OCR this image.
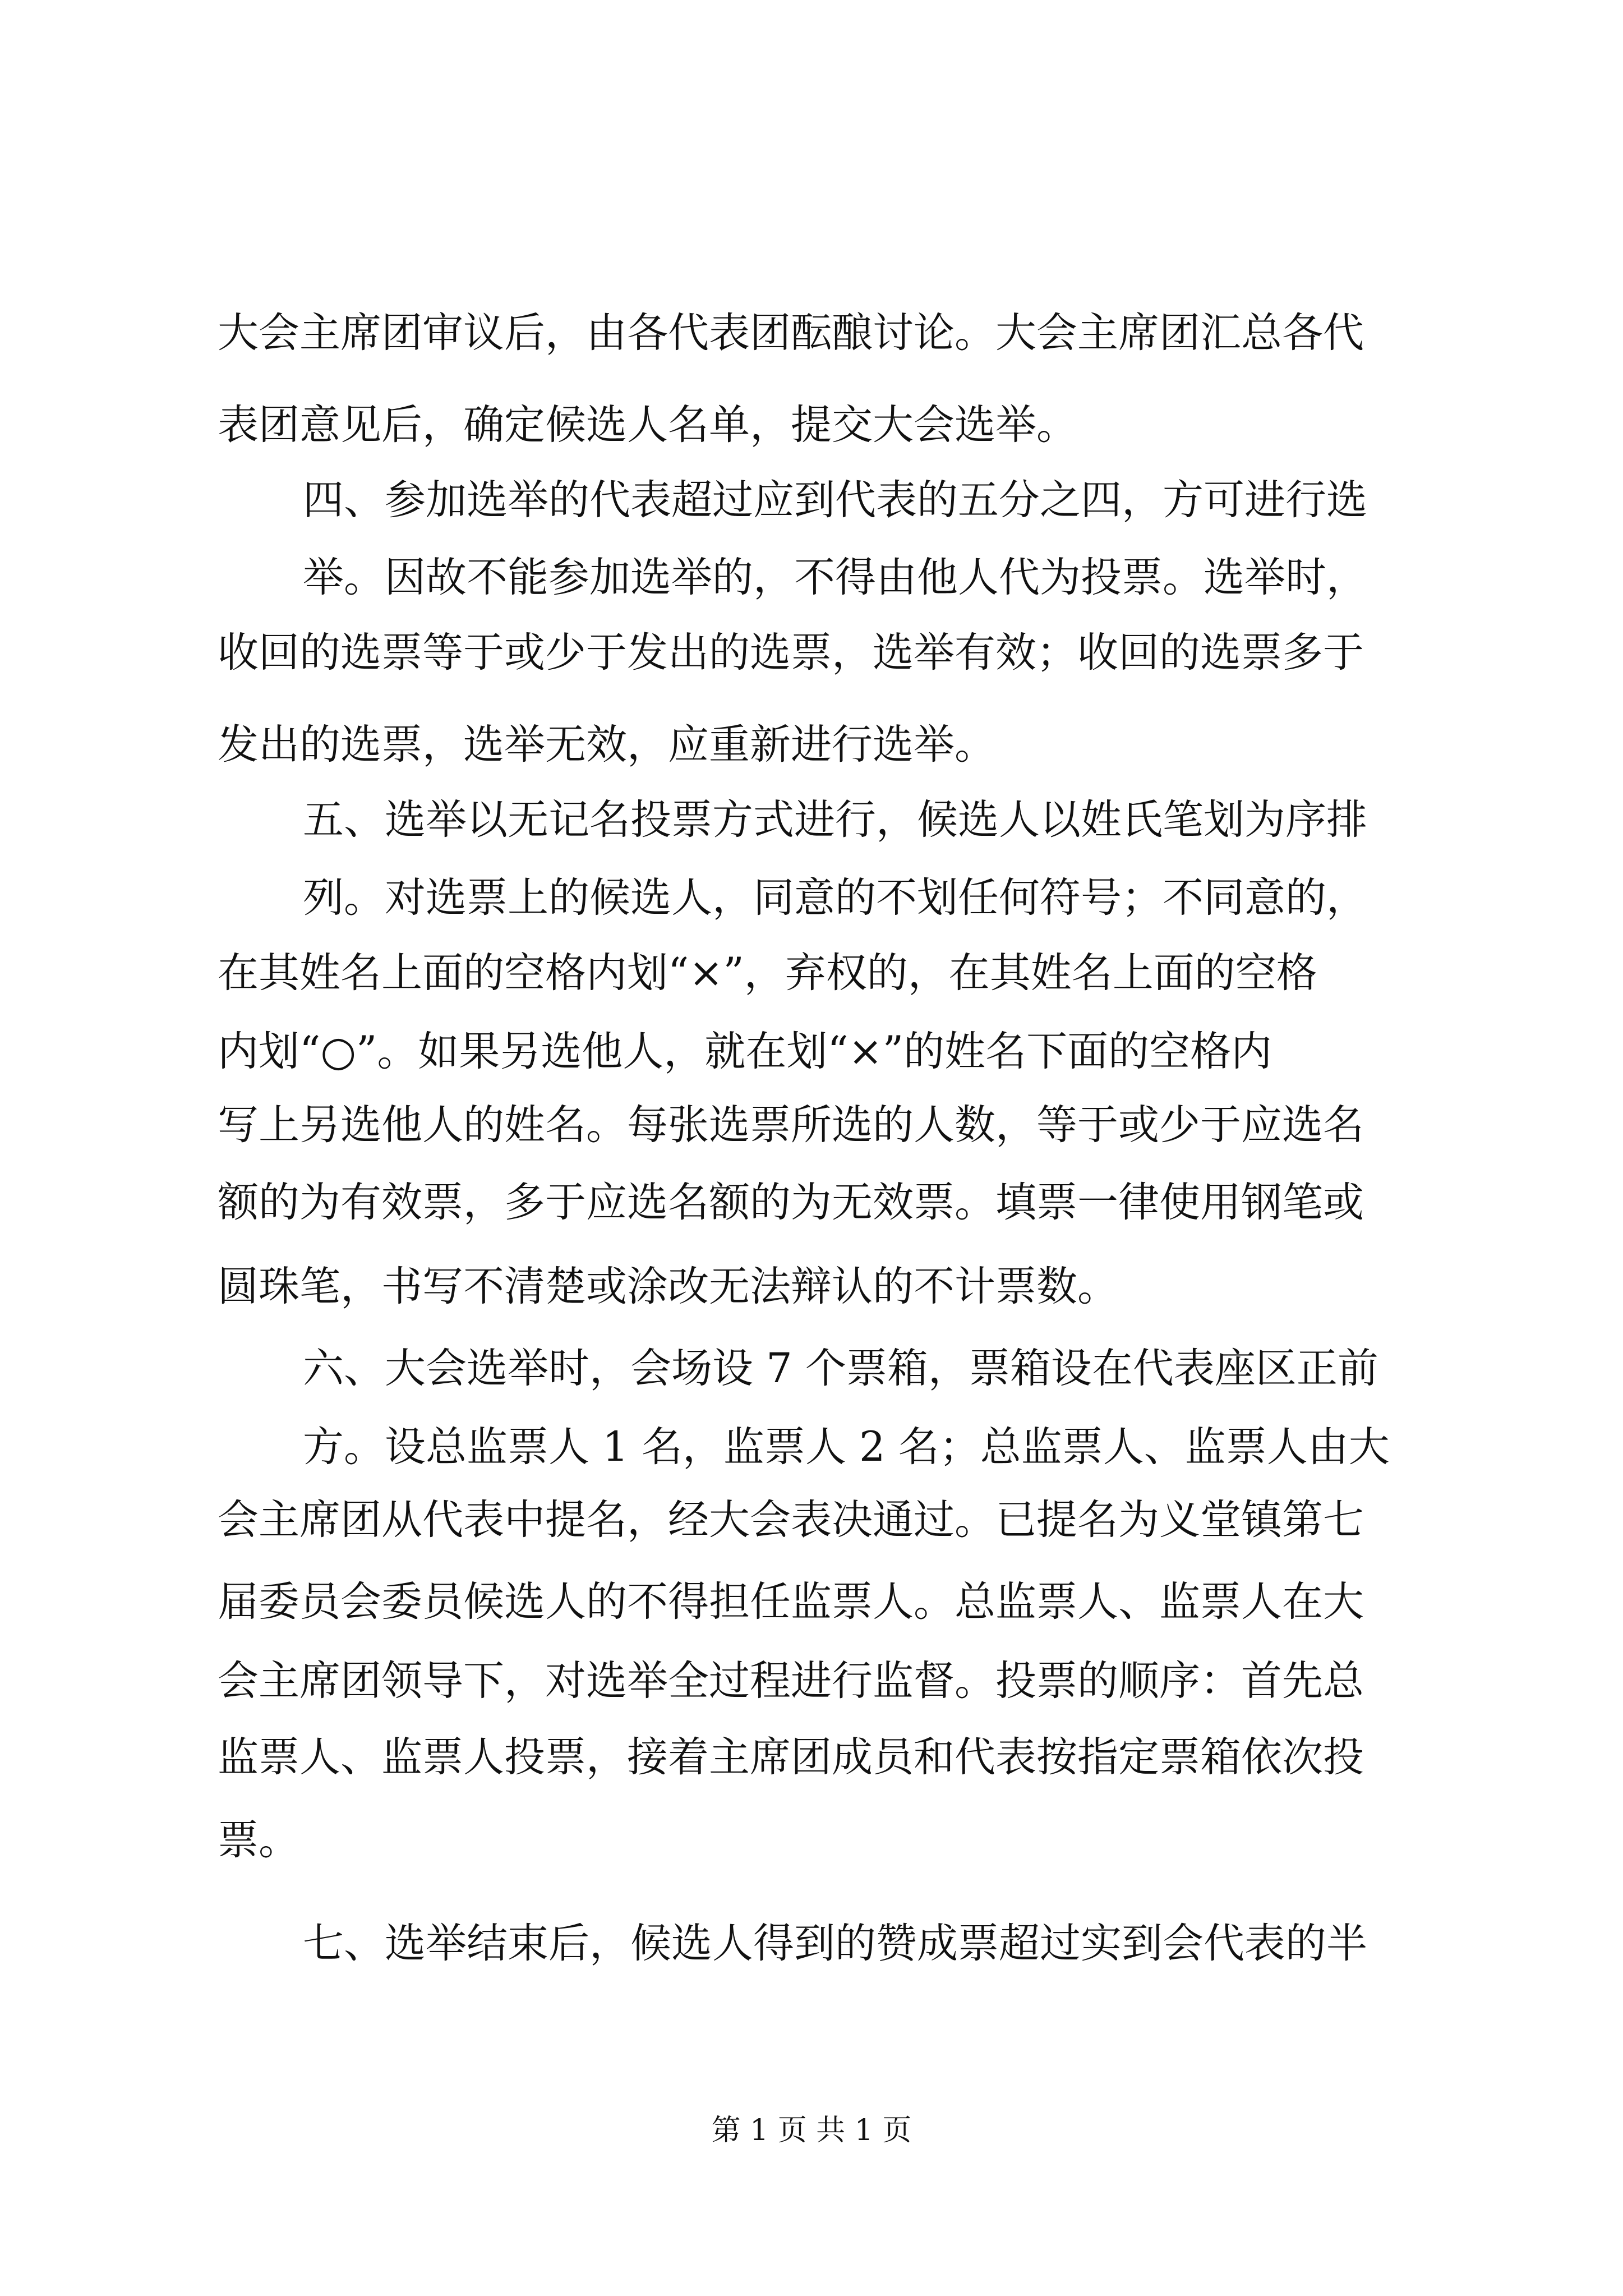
大会主席团审议后，由各代表团酝酿讨论。大会主席团汇总各代
表团意见后，确定候选人名单，提交大会选举。
四、参加选举的代表超过应到代表的五分之四，方可进行选
举。因故不能参加选举的，不得由他人代为投票。选举时，
收回的选票等于或少于发出的选票，选举有效；收回的选票多于
发出的选票，选举无效，应重新进行选举。
五、选举以无记名投票方式进行，候选人以姓氏笔划为序排
列。对选票上的候选人，同意的不划任何符号；不同意的，
在其姓名上面的空格内划“×”，弃权的，在其姓名上面的空格
内划“○”。如果另选他人，就在划“×”的姓名下面的空格内
写上另选他人的姓名。每张选票所选的人数，等于或少于应选名
额的为有效票，多于应选名额的为无效票。填票一律使用钢笔或
圆珠笔，书写不清楚或涂改无法辩认的不计票数。
六、大会选举时，会场设 7 个票箱，票箱设在代表座区正前
方。设总监票人 1 名，监票人 2 名；总监票人、监票人由大
会主席团从代表中提名，经大会表决通过。已提名为义堂镇第七
届委员会委员候选人的不得担任监票人。总监票人、监票人在大
会主席团领导下，对选举全过程进行监督。投票的顺序：首先总
监票人、监票人投票，接着主席团成员和代表按指定票箱依次投
票。
七、选举结束后，候选人得到的赞成票超过实到会代表的半
第 1 页 共 1 页
